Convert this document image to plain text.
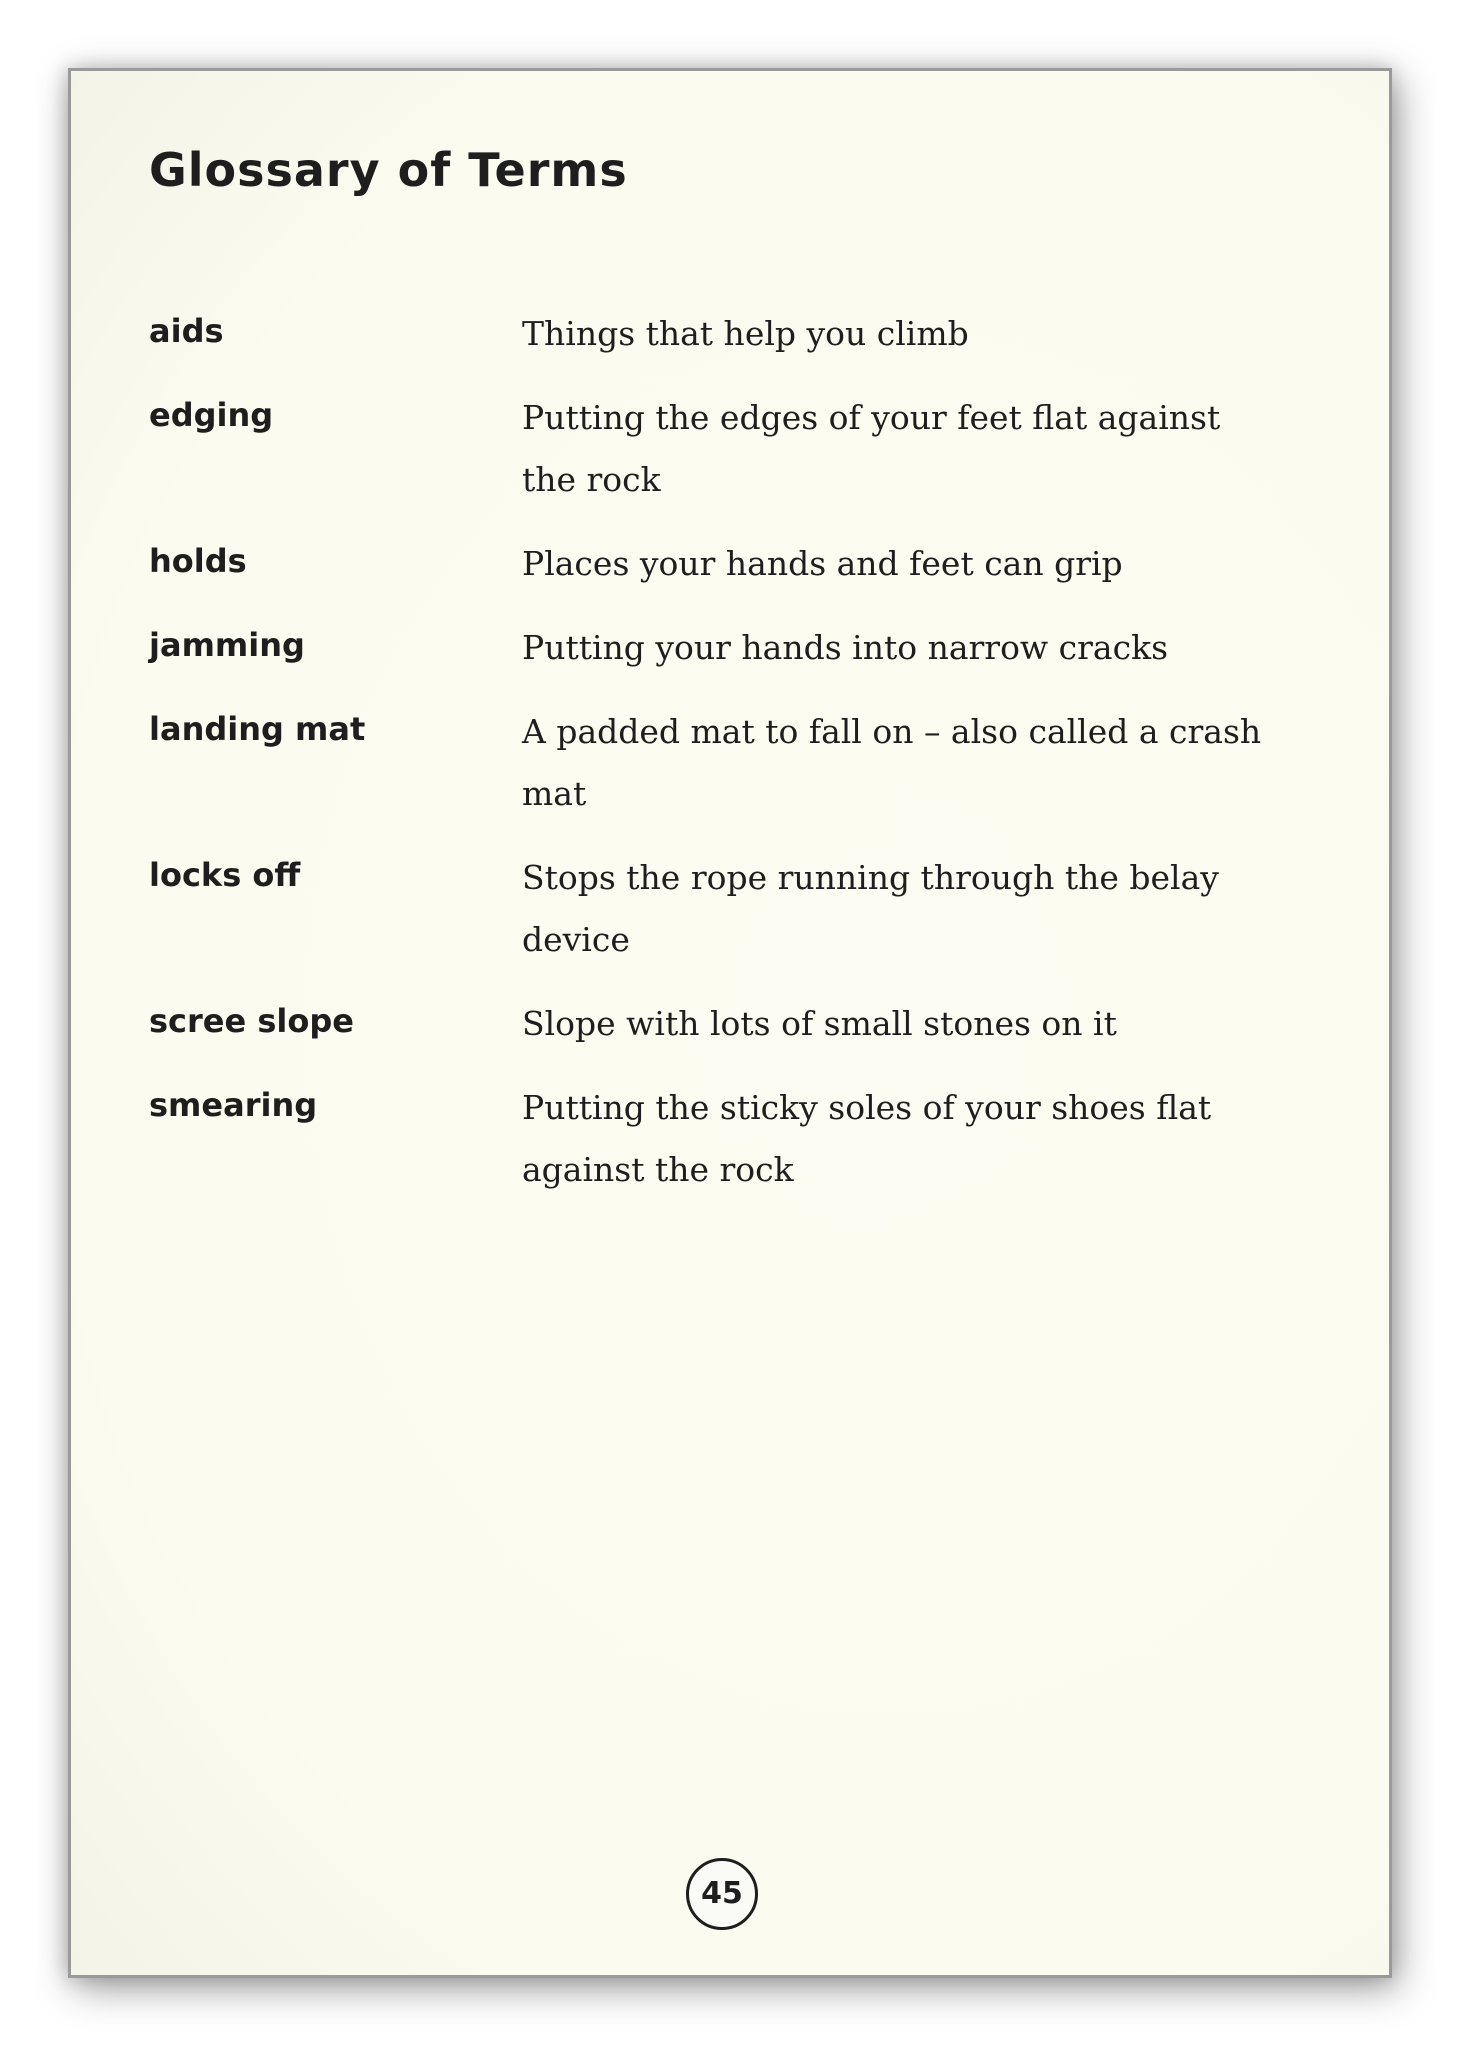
Glossary of Terms
aids	Things that help you climb
edging	Putting the edges of your feet flat against the rock
holds	Places your hands and feet can grip
jamming	Putting your hands into narrow cracks
landing mat	A padded mat to fall on – also called a crash mat
locks off	Stops the rope running through the belay device
scree slope	Slope with lots of small stones on it
smearing	Putting the sticky soles of your shoes flat against the rock
45
